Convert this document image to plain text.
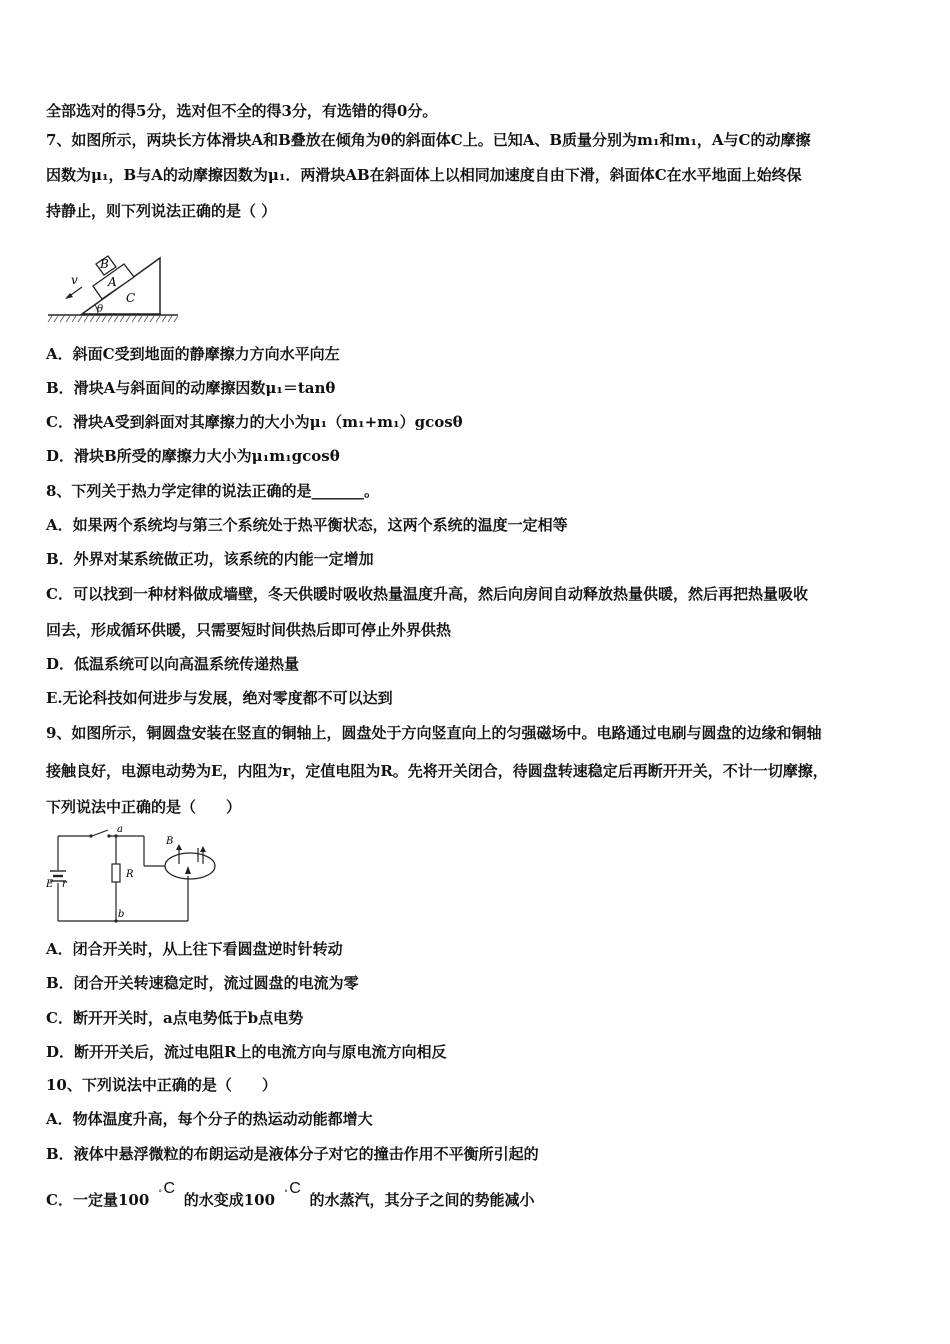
全部选对的得5分，选对但不全的得3分，有选错的得0分。
7、如图所示，两块长方体滑块A和B叠放在倾角为θ的斜面体C上。已知A、B质量分别为m₁和m₁，A与C的动摩擦
因数为μ₁，B与A的动摩擦因数为μ₁．两滑块AB在斜面体上以相同加速度自由下滑，斜面体C在水平地面上始终保
持静止，则下列说法正确的是（ ）
B
A
C
v
θ
A．斜面C受到地面的静摩擦力方向水平向左
B．滑块A与斜面间的动摩擦因数μ₁＝tanθ
C．滑块A受到斜面对其摩擦力的大小为μ₁（m₁+m₁）gcosθ
D．滑块B所受的摩擦力大小为μ₁m₁gcosθ
8、下列关于热力学定律的说法正确的是_______。
A．如果两个系统均与第三个系统处于热平衡状态，这两个系统的温度一定相等
B．外界对某系统做正功，该系统的内能一定增加
C．可以找到一种材料做成墙壁，冬天供暖时吸收热量温度升高，然后向房间自动释放热量供暖，然后再把热量吸收
回去，形成循环供暖，只需要短时间供热后即可停止外界供热
D．低温系统可以向高温系统传递热量
E.无论科技如何进步与发展，绝对零度都不可以达到
9、如图所示，铜圆盘安装在竖直的铜轴上，圆盘处于方向竖直向上的匀强磁场中。电路通过电刷与圆盘的边缘和铜轴
接触良好，电源电动势为E，内阻为r，定值电阻为R。先将开关闭合，待圆盘转速稳定后再断开开关，不计一切摩擦，
下列说法中正确的是（　　）
a
b
R
E r
B
A．闭合开关时，从上往下看圆盘逆时针转动
B．闭合开关转速稳定时，流过圆盘的电流为零
C．断开开关时，a点电势低于b点电势
D．断开开关后，流过电阻R上的电流方向与原电流方向相反
10、下列说法中正确的是（　　）
A．物体温度升高，每个分子的热运动动能都增大
B．液体中悬浮微粒的布朗运动是液体分子对它的撞击作用不平衡所引起的
C．一定量100 ° C
的水变成100 ° C
的水蒸汽，其分子之间的势能减小
